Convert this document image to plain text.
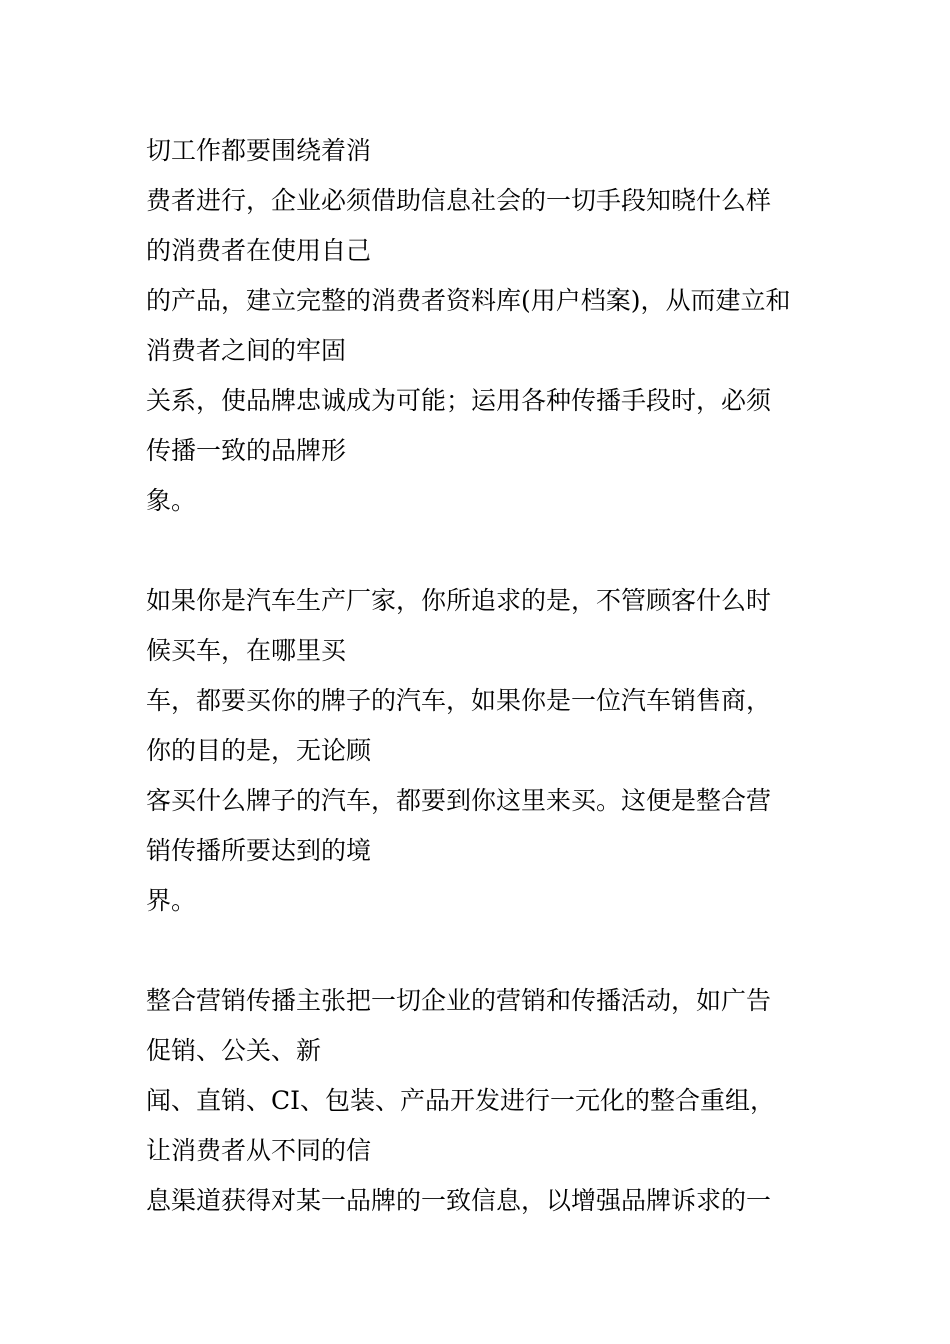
切工作都要围绕着消
费者进行，企业必须借助信息社会的一切手段知晓什么样
的消费者在使用自己
的产品，建立完整的消费者资料库(用户档案)，从而建立和
消费者之间的牢固
关系，使品牌忠诚成为可能；运用各种传播手段时，必须
传播一致的品牌形
象。
如果你是汽车生产厂家，你所追求的是，不管顾客什么时
候买车，在哪里买
车，都要买你的牌子的汽车，如果你是一位汽车销售商，
你的目的是，无论顾
客买什么牌子的汽车，都要到你这里来买。这便是整合营
销传播所要达到的境
界。
整合营销传播主张把一切企业的营销和传播活动，如广告
促销、公关、新
闻、直销、CI、包装、产品开发进行一元化的整合重组，
让消费者从不同的信
息渠道获得对某一品牌的一致信息，以增强品牌诉求的一
